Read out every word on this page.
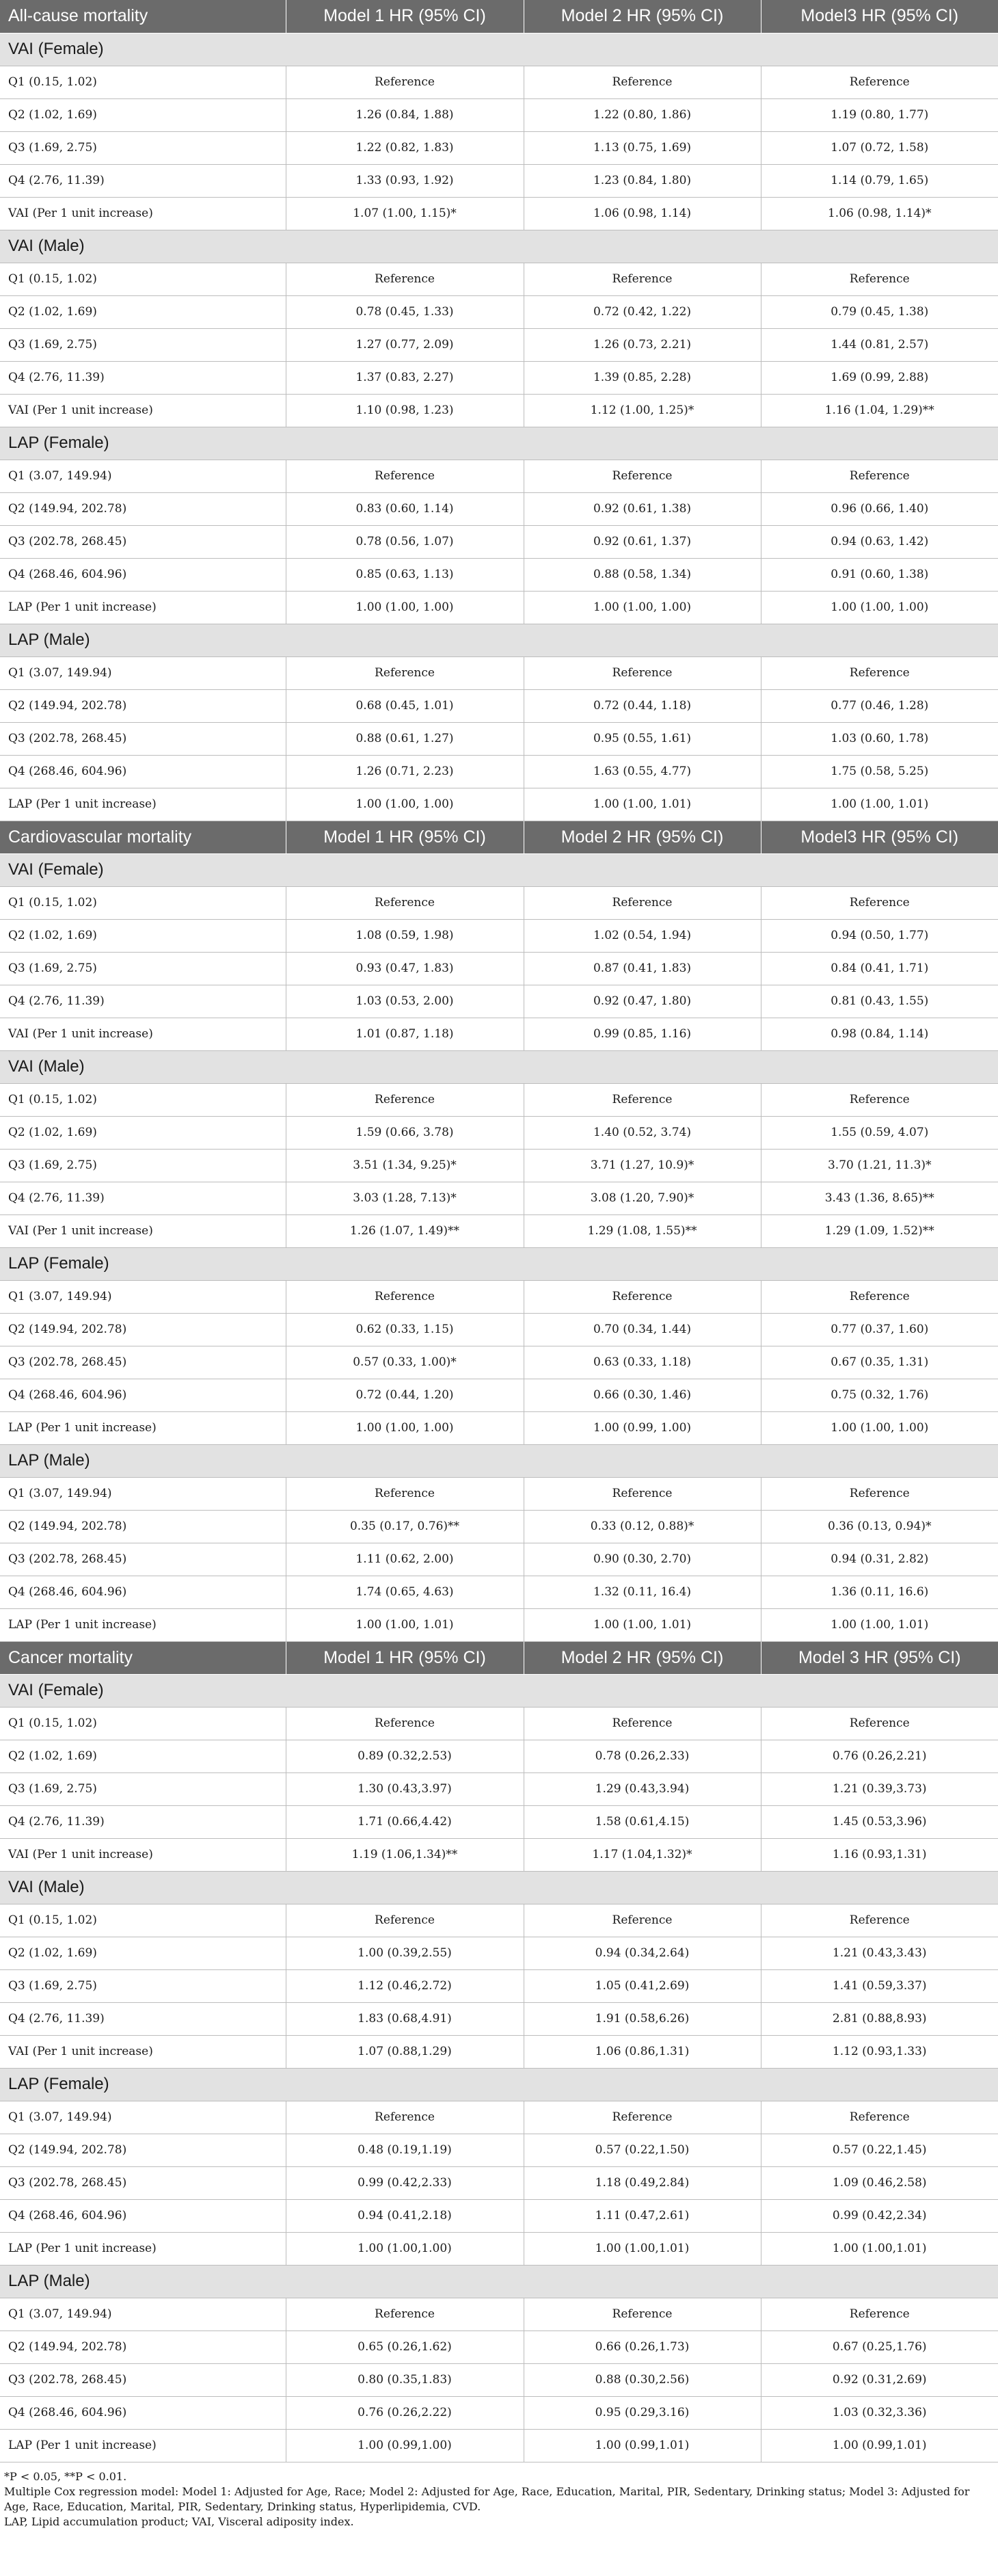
All-cause mortality	Model 1 HR (95% CI)	Model 2 HR (95% CI)	Model3 HR (95% CI)
VAI (Female)			
Q1 (0.15, 1.02)	Reference	Reference	Reference
Q2 (1.02, 1.69)	1.26 (0.84, 1.88)	1.22 (0.80, 1.86)	1.19 (0.80, 1.77)
Q3 (1.69, 2.75)	1.22 (0.82, 1.83)	1.13 (0.75, 1.69)	1.07 (0.72, 1.58)
Q4 (2.76, 11.39)	1.33 (0.93, 1.92)	1.23 (0.84, 1.80)	1.14 (0.79, 1.65)
VAI (Per 1 unit increase)	1.07 (1.00, 1.15)*	1.06 (0.98, 1.14)	1.06 (0.98, 1.14)*
VAI (Male)			
Q1 (0.15, 1.02)	Reference	Reference	Reference
Q2 (1.02, 1.69)	0.78 (0.45, 1.33)	0.72 (0.42, 1.22)	0.79 (0.45, 1.38)
Q3 (1.69, 2.75)	1.27 (0.77, 2.09)	1.26 (0.73, 2.21)	1.44 (0.81, 2.57)
Q4 (2.76, 11.39)	1.37 (0.83, 2.27)	1.39 (0.85, 2.28)	1.69 (0.99, 2.88)
VAI (Per 1 unit increase)	1.10 (0.98, 1.23)	1.12 (1.00, 1.25)*	1.16 (1.04, 1.29)**
LAP (Female)			
Q1 (3.07, 149.94)	Reference	Reference	Reference
Q2 (149.94, 202.78)	0.83 (0.60, 1.14)	0.92 (0.61, 1.38)	0.96 (0.66, 1.40)
Q3 (202.78, 268.45)	0.78 (0.56, 1.07)	0.92 (0.61, 1.37)	0.94 (0.63, 1.42)
Q4 (268.46, 604.96)	0.85 (0.63, 1.13)	0.88 (0.58, 1.34)	0.91 (0.60, 1.38)
LAP (Per 1 unit increase)	1.00 (1.00, 1.00)	1.00 (1.00, 1.00)	1.00 (1.00, 1.00)
LAP (Male)			
Q1 (3.07, 149.94)	Reference	Reference	Reference
Q2 (149.94, 202.78)	0.68 (0.45, 1.01)	0.72 (0.44, 1.18)	0.77 (0.46, 1.28)
Q3 (202.78, 268.45)	0.88 (0.61, 1.27)	0.95 (0.55, 1.61)	1.03 (0.60, 1.78)
Q4 (268.46, 604.96)	1.26 (0.71, 2.23)	1.63 (0.55, 4.77)	1.75 (0.58, 5.25)
LAP (Per 1 unit increase)	1.00 (1.00, 1.00)	1.00 (1.00, 1.01)	1.00 (1.00, 1.01)
Cardiovascular mortality	Model 1 HR (95% CI)	Model 2 HR (95% CI)	Model3 HR (95% CI)
VAI (Female)			
Q1 (0.15, 1.02)	Reference	Reference	Reference
Q2 (1.02, 1.69)	1.08 (0.59, 1.98)	1.02 (0.54, 1.94)	0.94 (0.50, 1.77)
Q3 (1.69, 2.75)	0.93 (0.47, 1.83)	0.87 (0.41, 1.83)	0.84 (0.41, 1.71)
Q4 (2.76, 11.39)	1.03 (0.53, 2.00)	0.92 (0.47, 1.80)	0.81 (0.43, 1.55)
VAI (Per 1 unit increase)	1.01 (0.87, 1.18)	0.99 (0.85, 1.16)	0.98 (0.84, 1.14)
VAI (Male)			
Q1 (0.15, 1.02)	Reference	Reference	Reference
Q2 (1.02, 1.69)	1.59 (0.66, 3.78)	1.40 (0.52, 3.74)	1.55 (0.59, 4.07)
Q3 (1.69, 2.75)	3.51 (1.34, 9.25)*	3.71 (1.27, 10.9)*	3.70 (1.21, 11.3)*
Q4 (2.76, 11.39)	3.03 (1.28, 7.13)*	3.08 (1.20, 7.90)*	3.43 (1.36, 8.65)**
VAI (Per 1 unit increase)	1.26 (1.07, 1.49)**	1.29 (1.08, 1.55)**	1.29 (1.09, 1.52)**
LAP (Female)			
Q1 (3.07, 149.94)	Reference	Reference	Reference
Q2 (149.94, 202.78)	0.62 (0.33, 1.15)	0.70 (0.34, 1.44)	0.77 (0.37, 1.60)
Q3 (202.78, 268.45)	0.57 (0.33, 1.00)*	0.63 (0.33, 1.18)	0.67 (0.35, 1.31)
Q4 (268.46, 604.96)	0.72 (0.44, 1.20)	0.66 (0.30, 1.46)	0.75 (0.32, 1.76)
LAP (Per 1 unit increase)	1.00 (1.00, 1.00)	1.00 (0.99, 1.00)	1.00 (1.00, 1.00)
LAP (Male)			
Q1 (3.07, 149.94)	Reference	Reference	Reference
Q2 (149.94, 202.78)	0.35 (0.17, 0.76)**	0.33 (0.12, 0.88)*	0.36 (0.13, 0.94)*
Q3 (202.78, 268.45)	1.11 (0.62, 2.00)	0.90 (0.30, 2.70)	0.94 (0.31, 2.82)
Q4 (268.46, 604.96)	1.74 (0.65, 4.63)	1.32 (0.11, 16.4)	1.36 (0.11, 16.6)
LAP (Per 1 unit increase)	1.00 (1.00, 1.01)	1.00 (1.00, 1.01)	1.00 (1.00, 1.01)
Cancer mortality	Model 1 HR (95% CI)	Model 2 HR (95% CI)	Model 3 HR (95% CI)
VAI (Female)			
Q1 (0.15, 1.02)	Reference	Reference	Reference
Q2 (1.02, 1.69)	0.89 (0.32,2.53)	0.78 (0.26,2.33)	0.76 (0.26,2.21)
Q3 (1.69, 2.75)	1.30 (0.43,3.97)	1.29 (0.43,3.94)	1.21 (0.39,3.73)
Q4 (2.76, 11.39)	1.71 (0.66,4.42)	1.58 (0.61,4.15)	1.45 (0.53,3.96)
VAI (Per 1 unit increase)	1.19 (1.06,1.34)**	1.17 (1.04,1.32)*	1.16 (0.93,1.31)
VAI (Male)			
Q1 (0.15, 1.02)	Reference	Reference	Reference
Q2 (1.02, 1.69)	1.00 (0.39,2.55)	0.94 (0.34,2.64)	1.21 (0.43,3.43)
Q3 (1.69, 2.75)	1.12 (0.46,2.72)	1.05 (0.41,2.69)	1.41 (0.59,3.37)
Q4 (2.76, 11.39)	1.83 (0.68,4.91)	1.91 (0.58,6.26)	2.81 (0.88,8.93)
VAI (Per 1 unit increase)	1.07 (0.88,1.29)	1.06 (0.86,1.31)	1.12 (0.93,1.33)
LAP (Female)			
Q1 (3.07, 149.94)	Reference	Reference	Reference
Q2 (149.94, 202.78)	0.48 (0.19,1.19)	0.57 (0.22,1.50)	0.57 (0.22,1.45)
Q3 (202.78, 268.45)	0.99 (0.42,2.33)	1.18 (0.49,2.84)	1.09 (0.46,2.58)
Q4 (268.46, 604.96)	0.94 (0.41,2.18)	1.11 (0.47,2.61)	0.99 (0.42,2.34)
LAP (Per 1 unit increase)	1.00 (1.00,1.00)	1.00 (1.00,1.01)	1.00 (1.00,1.01)
LAP (Male)			
Q1 (3.07, 149.94)	Reference	Reference	Reference
Q2 (149.94, 202.78)	0.65 (0.26,1.62)	0.66 (0.26,1.73)	0.67 (0.25,1.76)
Q3 (202.78, 268.45)	0.80 (0.35,1.83)	0.88 (0.30,2.56)	0.92 (0.31,2.69)
Q4 (268.46, 604.96)	0.76 (0.26,2.22)	0.95 (0.29,3.16)	1.03 (0.32,3.36)
LAP (Per 1 unit increase)	1.00 (0.99,1.00)	1.00 (0.99,1.01)	1.00 (0.99,1.01)

*P < 0.05, **P < 0.01.

Multiple Cox regression model: Model 1: Adjusted for Age, Race; Model 2: Adjusted for Age, Race, Education, Marital, PIR, Sedentary, Drinking status; Model 3: Adjusted for Age, Race, Education, Marital, PIR, Sedentary, Drinking status, Hyperlipidemia, CVD.

LAP, Lipid accumulation product; VAI, Visceral adiposity index.
